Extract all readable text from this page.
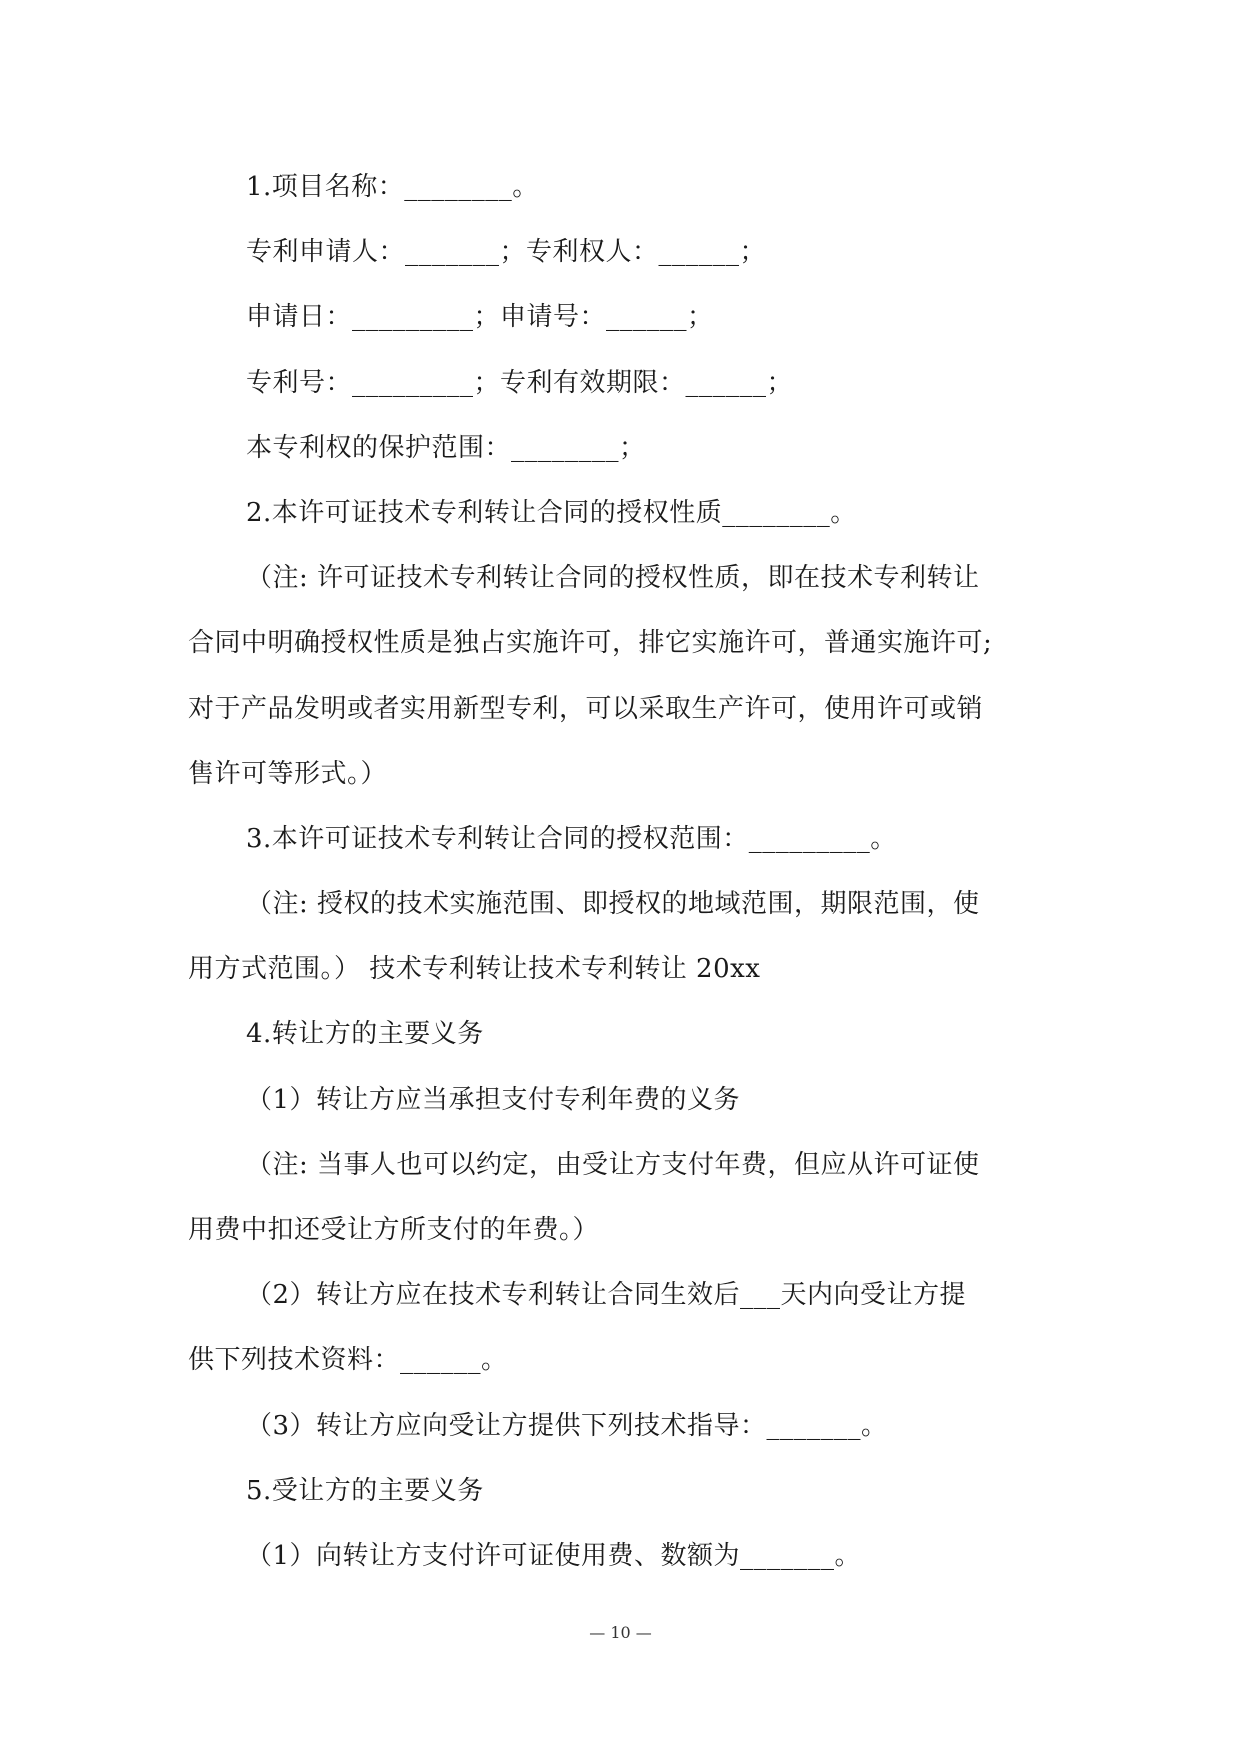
1.项目名称：________。
专利申请人：_______；专利权人：______；
申请日：_________；申请号：______；
专利号：_________；专利有效期限：______；
本专利权的保护范围：________；
2.本许可证技术专利转让合同的授权性质________。
（注: 许可证技术专利转让合同的授权性质，即在技术专利转让
合同中明确授权性质是独占实施许可，排它实施许可，普通实施许可;
对于产品发明或者实用新型专利，可以采取生产许可，使用许可或销
售许可等形式。）
3.本许可证技术专利转让合同的授权范围：_________。
（注: 授权的技术实施范围、即授权的地域范围，期限范围，使
用方式范围。） 技术专利转让技术专利转让 20xx
4.转让方的主要义务
（1）转让方应当承担支付专利年费的义务
（注: 当事人也可以约定，由受让方支付年费，但应从许可证使
用费中扣还受让方所支付的年费。）
（2）转让方应在技术专利转让合同生效后___天内向受让方提
供下列技术资料：______。
（3）转让方应向受让方提供下列技术指导：_______。
5.受让方的主要义务
（1）向转让方支付许可证使用费、数额为_______。
— 10 —
